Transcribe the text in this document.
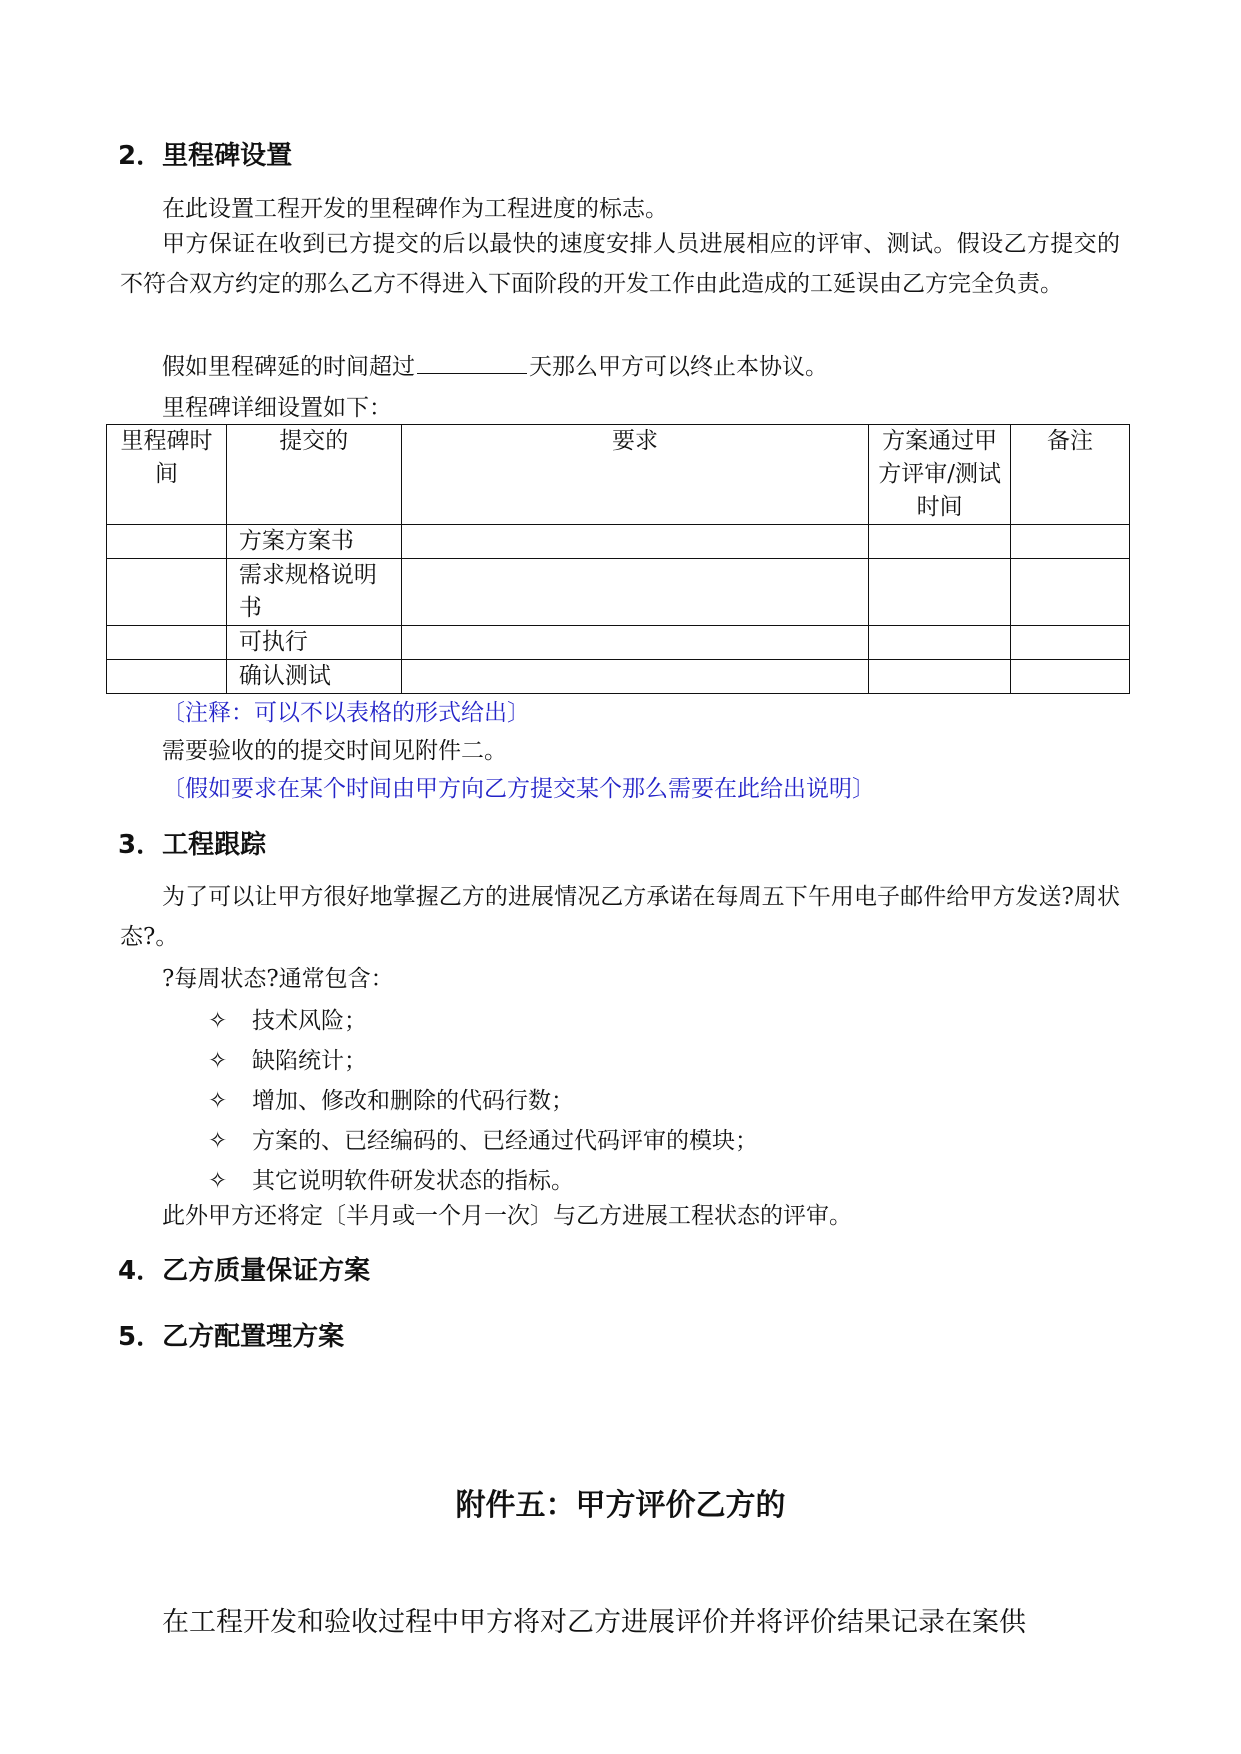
2．里程碑设置
在此设置工程开发的里程碑作为工程进度的标志。
甲方保证在收到已方提交的后以最快的速度安排人员进展相应的评审、测试。假设乙方提交的不符合双方约定的那么乙方不得进入下面阶段的开发工作由此造成的工延误由乙方完全负责。
假如里程碑延的时间超过	天那么甲方可以终止本协议。
里程碑详细设置如下：
里程碑时间	提交的	要求	方案通过甲方评审/测试时间	备注
	方案方案书			
	需求规格说明书			
	可执行			
	确认测试			
〔注释：可以不以表格的形式给出〕
需要验收的的提交时间见附件二。
〔假如要求在某个时间由甲方向乙方提交某个那么需要在此给出说明〕
3．工程跟踪
为了可以让甲方很好地掌握乙方的进展情况乙方承诺在每周五下午用电子邮件给甲方发送?周状态?。
?每周状态?通常包含：
✧ 技术风险；
✧ 缺陷统计；
✧ 增加、修改和删除的代码行数；
✧ 方案的、已经编码的、已经通过代码评审的模块；
✧ 其它说明软件研发状态的指标。
此外甲方还将定〔半月或一个月一次〕与乙方进展工程状态的评审。
4．乙方质量保证方案
5．乙方配置理方案
附件五：甲方评价乙方的
在工程开发和验收过程中甲方将对乙方进展评价并将评价结果记录在案供
